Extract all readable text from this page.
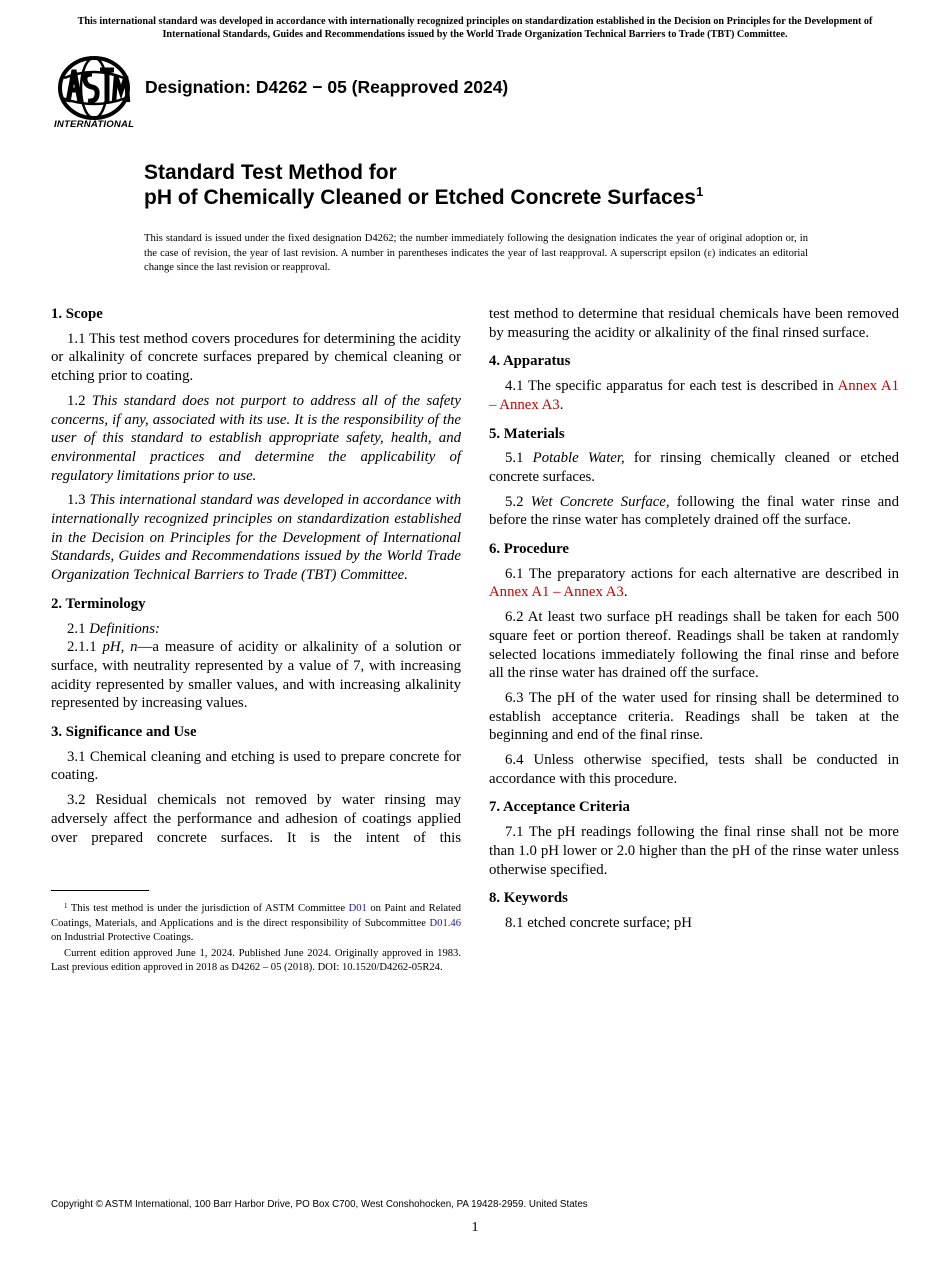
This international standard was developed in accordance with internationally recognized principles on standardization established in the Decision on Principles for the Development of International Standards, Guides and Recommendations issued by the World Trade Organization Technical Barriers to Trade (TBT) Committee.
INTERNATIONAL
Designation: D4262 − 05 (Reapproved 2024)
Standard Test Method for
pH of Chemically Cleaned or Etched Concrete Surfaces$^1$
This standard is issued under the fixed designation D4262; the number immediately following the designation indicates the year of original adoption or, in the case of revision, the year of last revision. A number in parentheses indicates the year of last reapproval. A superscript epsilon (ε) indicates an editorial change since the last revision or reapproval.
1. Scope

1.1 This test method covers procedures for determining the acidity or alkalinity of concrete surfaces prepared by chemical cleaning or etching prior to coating.

1.2 This standard does not purport to address all of the safety concerns, if any, associated with its use. It is the responsibility of the user of this standard to establish appropriate safety, health, and environmental practices and determine the applicability of regulatory limitations prior to use.

1.3 This international standard was developed in accordance with internationally recognized principles on standardization established in the Decision on Principles for the Development of International Standards, Guides and Recommendations issued by the World Trade Organization Technical Barriers to Trade (TBT) Committee.

2. Terminology

2.1 Definitions:

2.1.1 pH, n—a measure of acidity or alkalinity of a solution or surface, with neutrality represented by a value of 7, with increasing acidity represented by smaller values, and with increasing alkalinity represented by increasing values.

3. Significance and Use

3.1 Chemical cleaning and etching is used to prepare concrete for coating.

3.2 Residual chemicals not removed by water rinsing may adversely affect the performance and adhesion of coatings applied over prepared concrete surfaces. It is the intent of this

test method to determine that residual chemicals have been removed by measuring the acidity or alkalinity of the final rinsed surface.

4. Apparatus

4.1 The specific apparatus for each test is described in Annex A1 – Annex A3.

5. Materials

5.1 Potable Water, for rinsing chemically cleaned or etched concrete surfaces.

5.2 Wet Concrete Surface, following the final water rinse and before the rinse water has completely drained off the surface.

6. Procedure

6.1 The preparatory actions for each alternative are described in Annex A1 – Annex A3.

6.2 At least two surface pH readings shall be taken for each 500 square feet or portion thereof. Readings shall be taken at randomly selected locations immediately following the final rinse and before all the rinse water has drained off the surface.

6.3 The pH of the water used for rinsing shall be determined to establish acceptance criteria. Readings shall be taken at the beginning and end of the final rinse.

6.4 Unless otherwise specified, tests shall be conducted in accordance with this procedure.

7. Acceptance Criteria

7.1 The pH readings following the final rinse shall not be more than 1.0 pH lower or 2.0 higher than the pH of the rinse water unless otherwise specified.

8. Keywords

8.1 etched concrete surface; pH

$^1$ This test method is under the jurisdiction of ASTM Committee D01 on Paint and Related Coatings, Materials, and Applications and is the direct responsibility of Subcommittee D01.46 on Industrial Protective Coatings.

Current edition approved June 1, 2024. Published June 2024. Originally approved in 1983. Last previous edition approved in 2018 as D4262 – 05 (2018). DOI: 10.1520/D4262-05R24.

Copyright © ASTM International, 100 Barr Harbor Drive, PO Box C700, West Conshohocken, PA 19428-2959. United States
1
